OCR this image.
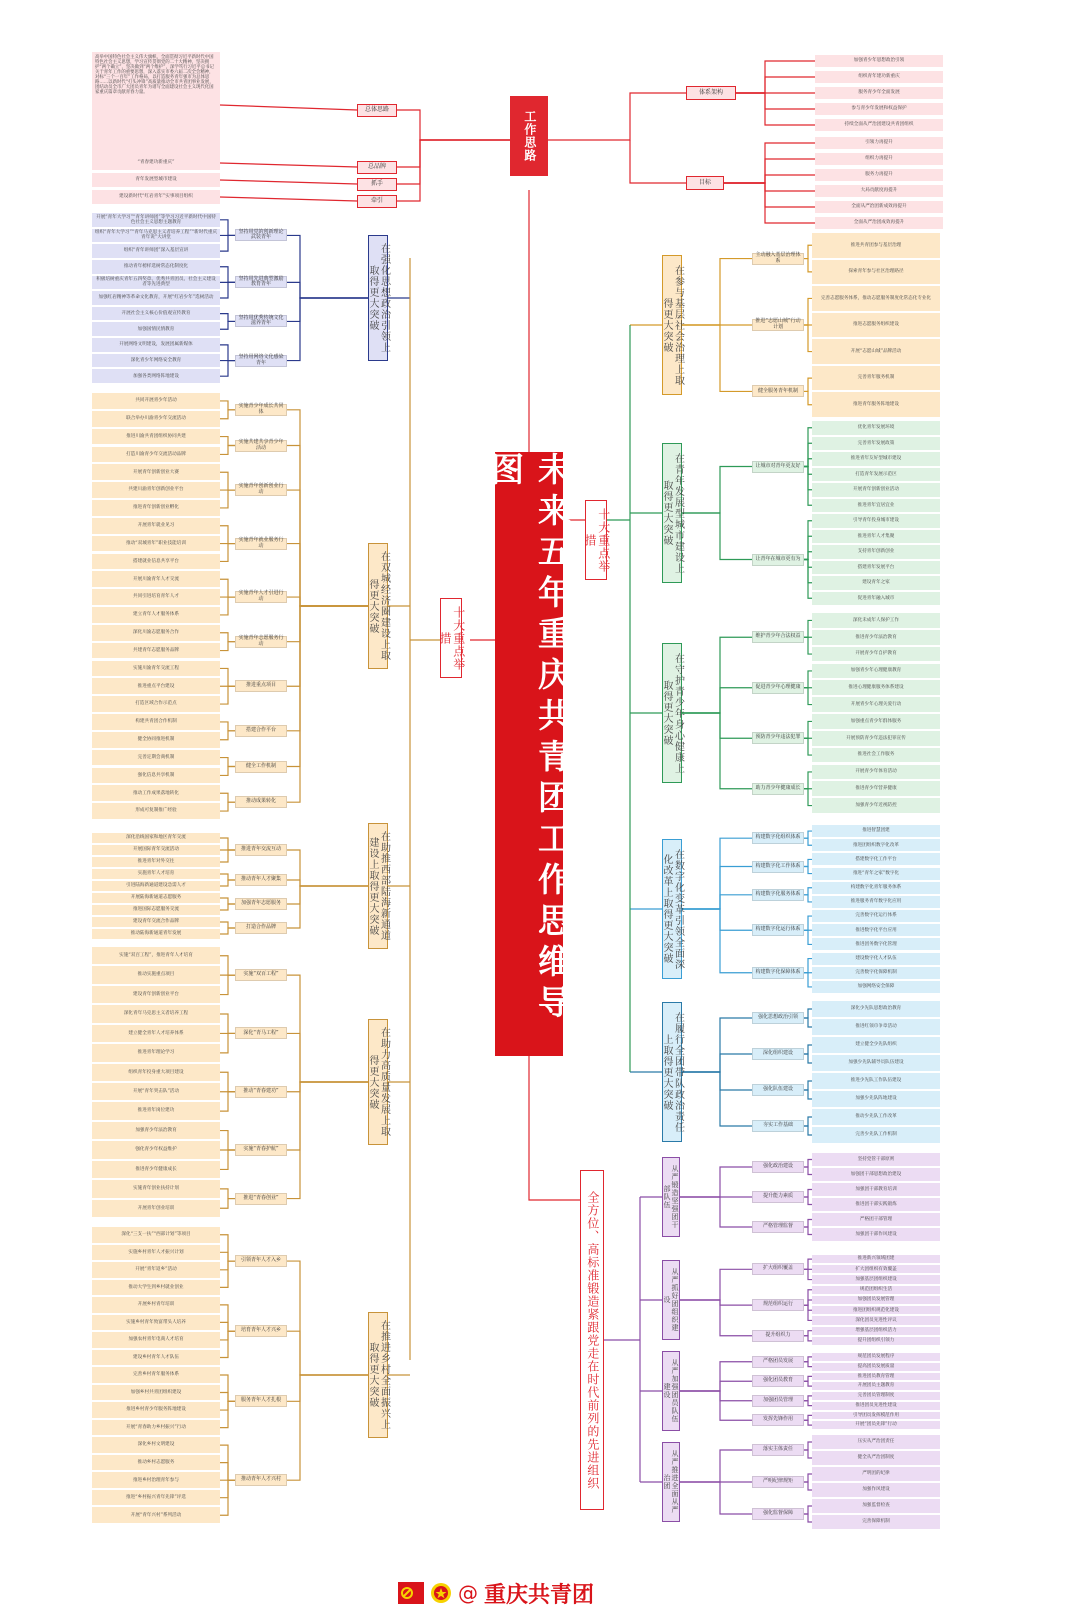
未来五年重庆共青团工作思维导图
工作思路
高举中国特色社会主义伟大旗帜，全面贯彻习近平新时代中国特色社会主义思想，学习宣传贯彻党的二十大精神，坚决拥护“两个确立”，坚决做到“两个维护”，深学笃行习近平总书记关于青年工作的重要思想，深入落实市委六届二次全会精神，对标“三个一百年”工作格局，以打造服务青年强市为总体思路……以新时代“打头冲锋”高质量推动全市共青团事业发展，团结动员全市广大团员青年为谱写全面建设社会主义现代化国家重庆篇章贡献青春力量。
总体思路
总品牌
抓手
牵引
“青春建功新重庆”
青年发展型城市建设
建设新时代“红岩青年”实事项目组织
体系架构
目标
加强青少年思想政治引领
组织青年建功新重庆
服务青少年全面发展
参与青少年发展和权益保护
持续全面从严治团建设共青团组织
引领力再提升
组织力再提升
服务力再提升
大局贡献度再提升
全面从严治团新成效再提升
全面从严治团成效再提升
十大重点举措
十大重点举措
全方位、高标准锻造紧跟党走在时代前列的先进组织
在强化思想政治引领上取得更大突破
坚持用党的创新理论武装青年
开展“青年大学习”“青年讲师团”等学习习近平新时代中国特色社会主义思想主题教育
组织“青年大学习”“青年马克思主义者培养工程”“新时代重庆青年说”大讲堂
组织“青年讲师团”深入基层宣讲
坚持用先进典型激励教育青年
推动青年榜样选树常态化制度化
积极培树重庆青年五四奖章、优秀共青团员、社会主义建设者等先进典型
加强红岩精神等革命文化教育，开展“红岩少年”选树活动
坚持用优秀传统文化滋养青年
开展社会主义核心价值观宣传教育
加强国情民情教育
坚持用网络文化感染青年
开展网络文明建设，发展团属新媒体
深化青少年网络安全教育
加强各类网络阵地建设
在双城经济圈建设上取得更大突破
实施青少年成长共同体
共同开展青少年活动
联合举办川渝青少年交流活动
实施共建共享青少年活动
推进川渝共青团组织协同共建
打造川渝青少年交流活动品牌
实施青年创新创业行动
开展青年创新创业大赛
共建川渝青年创新创业平台
推进青年创新创业孵化
实施青年就业服务行动
开展青年就业见习
推动“双城青年”职业技能培训
搭建就业信息共享平台
实施青年人才引进行动
开展川渝青年人才交流
共同引进培育青年人才
建立青年人才服务体系
实施青年志愿服务行动
深化川渝志愿服务合作
共建青年志愿服务品牌
推进重点项目
实施川渝青年交流工程
推进重点平台建设
打造区域合作示范点
搭建合作平台
构建共青团合作机制
健全协同推进机制
健全工作机制
完善定期会商机制
强化信息共享机制
推动成果转化
推动工作成果落地转化
形成可复制推广经验
在助推西部陆海新通道建设上取得更大突破
推进青年交流互动
深化沿线国家和地区青年交流
开展国际青年交流活动
推进青年对外交往
推动青年人才聚集
实施青年人才培育
引进陆海新通道建设急需人才
加强青年志愿服务
开展陆海新通道志愿服务
推进国际志愿服务交流
打造合作品牌
建设青年交流合作品牌
推动陆海新通道青年发展
在助力高质量发展上取得更大突破
实施“双百工程”
实施“双百工程”，推进青年人才培育
推动实施重点项目
建设青年创新创业平台
深化“青马工程”
深化青年马克思主义者培养工程
建立健全青年人才培养体系
推进青年理论学习
推动“青春建功”
组织青年投身重大项目建设
开展“青年突击队”活动
推进青年岗位建功
实施“青春护航”
加强青少年法治教育
强化青少年权益维护
推进青少年健康成长
推进“青春创业”
实施青年创业扶持计划
开展青年创业培训
在推进乡村全面振兴上取得更大突破
引领青年人才入乡
深化“三支一扶”“西部计划”等项目
实施乡村青年人才振兴计划
开展“青年返乡”活动
推动大学生到乡村就业创业
培育青年人才兴乡
开展乡村青年培训
实施乡村青年致富带头人培养
加强农村青年电商人才培育
建设乡村青年人才队伍
服务青年人才扎根
完善乡村青年服务体系
加强乡村共青团组织建设
推进乡村青少年服务阵地建设
开展“青春助力乡村振兴”行动
推动青年人才兴村
深化乡村文明建设
推动乡村志愿服务
推进乡村治理青年参与
推进“乡村振兴青年先锋”评选
开展“青年兴村”系列活动
在参与基层社会治理上取得更大突破
主动融入基层治理体系
推进共青团参与基层治理
探索青年参与社区治理路径
推进“志愿山城”行动计划
完善志愿服务体系，推动志愿服务制度化常态化专业化
推进志愿服务组织建设
开展“志愿山城”品牌活动
健全服务青年机制
完善青年服务机制
推进青年服务阵地建设
在青年发展型城市建设上取得更大突破
让城市对青年更友好
优化青年发展环境
完善青年发展政策
推进青年友好型城市建设
打造青年发展示范区
开展青年创新创业活动
推进青年宜居宜业
让青年在城市更有为
引导青年投身城市建设
推进青年人才集聚
支持青年创新创业
搭建青年发展平台
建设青年之家
促进青年融入城市
在守护青少年身心健康上取得更大突破
维护青少年合法权益
深化未成年人保护工作
推进青少年法治教育
开展青少年自护教育
促进青少年心理健康
加强青少年心理健康教育
推进心理健康服务体系建设
开展青少年心理关爱行动
预防青少年违法犯罪
加强重点青少年群体服务
开展预防青少年违法犯罪宣传
推进社会工作服务
助力青少年健康成长
开展青少年体育活动
推进青少年营养健康
加强青少年近视防控
在数字化变革引领全面深化改革上取得更大突破
构建数字化组织体系
推进智慧团建
推进团组织数字化改革
构建数字化工作体系
搭建数字化工作平台
推进“青年之家”数字化
构建数字化服务体系
构建数字化青年服务体系
推进服务青年数字化应用
构建数字化运行体系
完善数字化运行体系
推进数字化平台应用
推进团务数字化管理
构建数字化保障体系
建设数字化人才队伍
完善数字化保障机制
加强网络安全保障
在履行全团带队政治责任上取得更大突破
强化思想政治引领
深化少先队思想政治教育
推进红领巾争章活动
深化组织建设
建立健全少先队组织
加强少先队辅导员队伍建设
强化队伍建设
推进少先队工作队伍建设
加强少先队阵地建设
夯实工作基础
推动少先队工作改革
完善少先队工作机制
从严锻造坚强团干部队伍
强化政治建设
坚持党管干部原则
加强团干部思想政治建设
提升能力素质
加强团干部教育培训
推进团干部实践锻炼
严格管理监督
严格团干部管理
加强团干部作风建设
从严抓好团组织建设
扩大组织覆盖
推进新兴领域团建
扩大团组织有效覆盖
加强基层团组织建设
规范组织运行
规范团组织生活
加强团员发展管理
推进团组织规范化建设
深化团员先进性评议
提升组织力
增强基层团组织活力
提升团组织引领力
从严加强团员队伍建设
严格团员发展
规范团员发展程序
提高团员发展质量
强化团员教育
推进团员教育管理
开展团员主题教育
加强团员管理
完善团员管理制度
推进团员先进性建设
发挥先锋作用
引导团员发挥模范作用
开展“团员先锋”行动
从严推进全面从严治团
落实主体责任
压实从严治团责任
健全从严治团制度
严明纪律规矩
严明团的纪律
加强作风建设
强化监督保障
加强监督检查
完善保障机制
@ 重庆共青团
